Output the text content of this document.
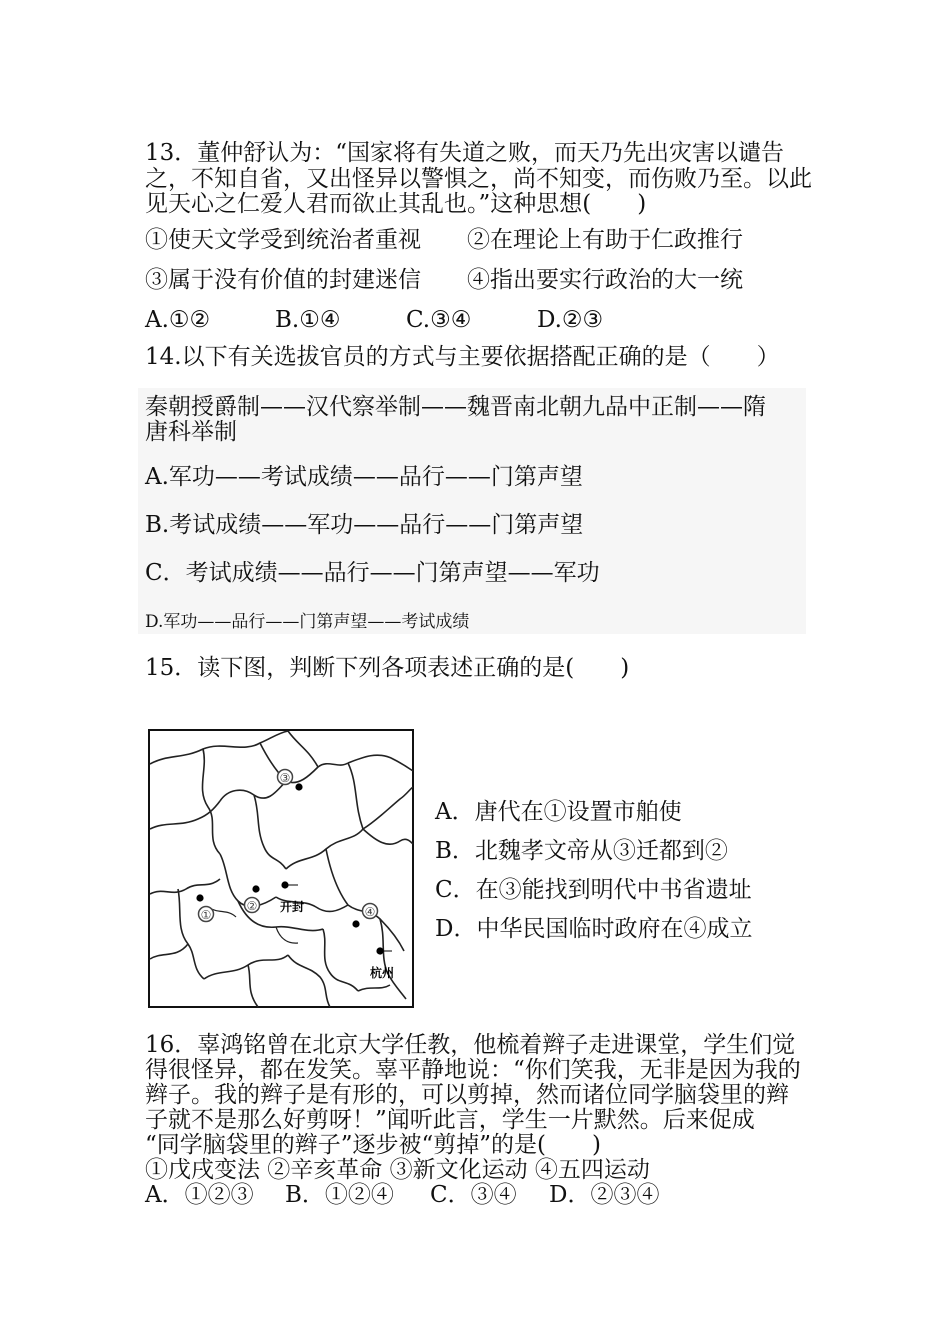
13．董仲舒认为：“国家将有失道之败，而天乃先出灾害以谴告
之，不知自省，又出怪异以警惧之，尚不知变，而伤败乃至。以此
见天心之仁爱人君而欲止其乱也。”这种思想(　　)
①使天文学受到统治者重视　　②在理论上有助于仁政推行
③属于没有价值的封建迷信　　④指出要实行政治的大一统
A.①②	B.①④	C.③④	D.②③
14.以下有关选拔官员的方式与主要依据搭配正确的是（　　）
秦朝授爵制——汉代察举制——魏晋南北朝九品中正制——隋
唐科举制
A.军功——考试成绩——品行——门第声望
B.考试成绩——军功——品行——门第声望
C．考试成绩——品行——门第声望——军功
D.军功——品行——门第声望——考试成绩
15．读下图，判断下列各项表述正确的是(　　)
③
② 开封
①	④
杭州
A．唐代在①设置市舶使
B．北魏孝文帝从③迁都到②
C．在③能找到明代中书省遗址
D．中华民国临时政府在④成立
16．辜鸿铭曾在北京大学任教，他梳着辫子走进课堂，学生们觉
得很怪异，都在发笑。辜平静地说：“你们笑我，无非是因为我的
辫子。我的辫子是有形的，可以剪掉，然而诸位同学脑袋里的辫
子就不是那么好剪呀！”闻听此言，学生一片默然。后来促成
“同学脑袋里的辫子”逐步被“剪掉”的是(　　)
①戊戌变法 ②辛亥革命 ③新文化运动 ④五四运动
A．①②③ B．①②④ C．③④ D．②③④
